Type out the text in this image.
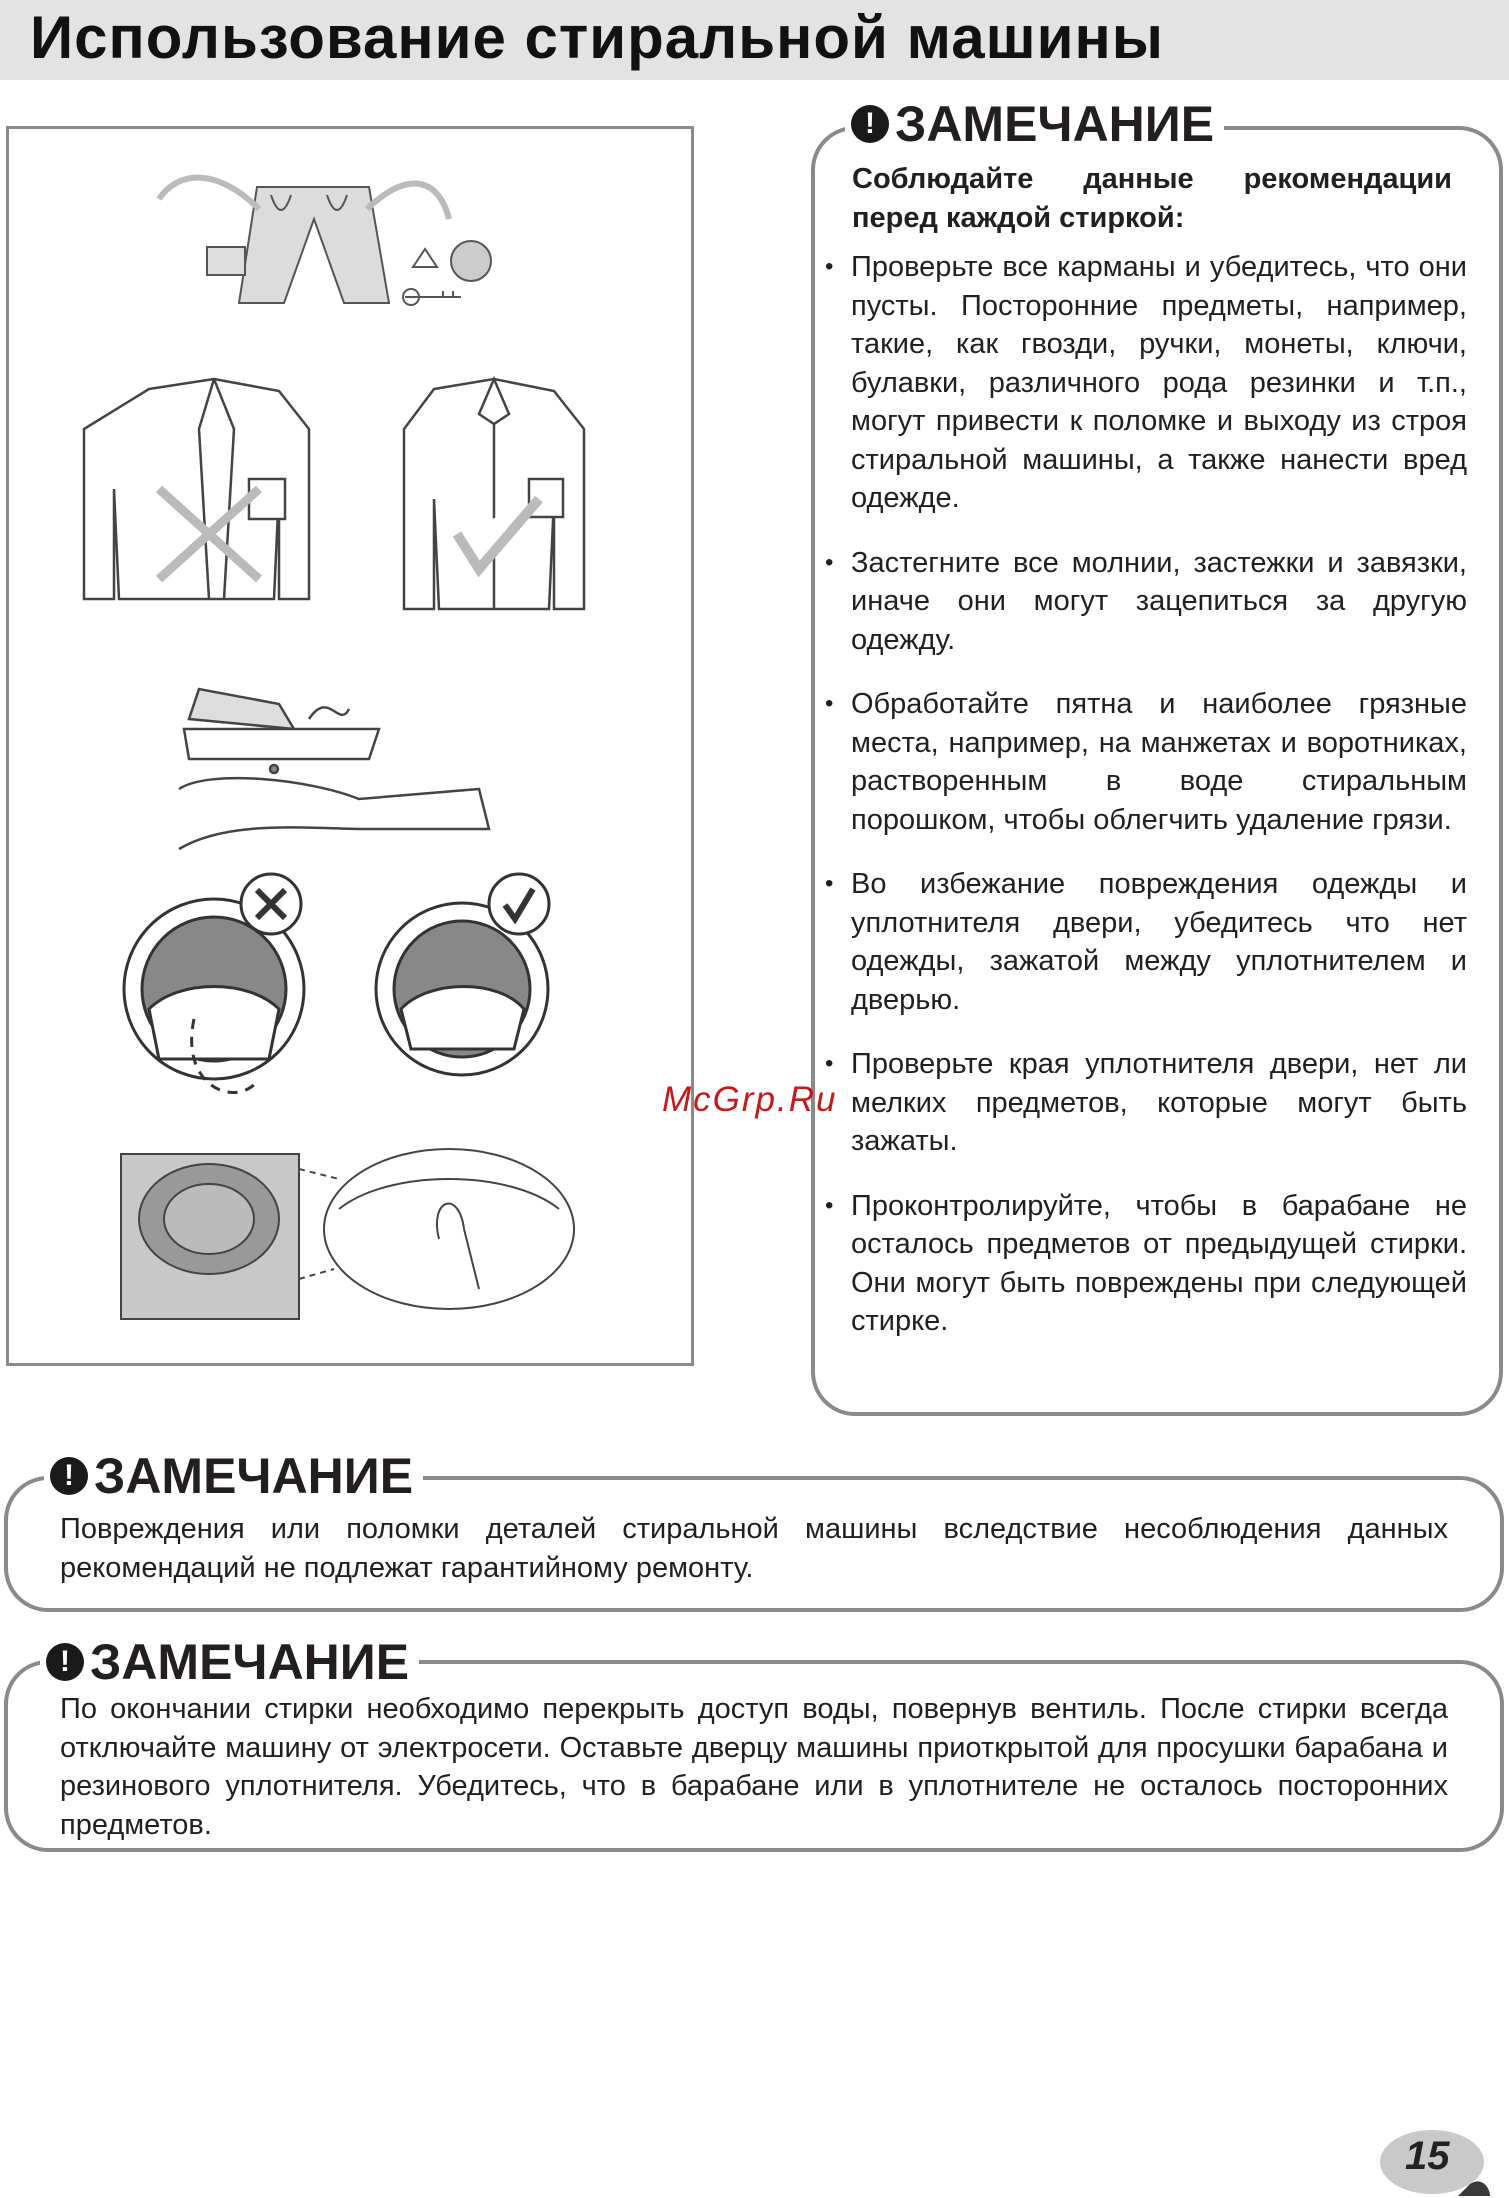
Использование стиральной машины
! ЗАМЕЧАНИЕ

Соблюдайте данные рекомендации перед каждой стиркой:

• Проверьте все карманы и убедитесь, что они пусты. Посторонние предметы, например, такие, как гвозди, ручки, монеты, ключи, булавки, различного рода резинки и т.п., могут привести к поломке и выходу из строя стиральной машины, а также нанести вред одежде.
• Застегните все молнии, застежки и завязки, иначе они могут зацепиться за другую одежду.
• Обработайте пятна и наиболее грязные места, например, на манжетах и воротниках, растворенным в воде стиральным порошком, чтобы облегчить удаление грязи.
• Во избежание повреждения одежды и уплотнителя двери, убедитесь что нет одежды, зажатой между уплотнителем и дверью.
• Проверьте края уплотнителя двери, нет ли мелких предметов, которые могут быть зажаты.
• Проконтролируйте, чтобы в барабане не осталось предметов от предыдущей стирки. Они могут быть повреждены при следующей стирке.
! ЗАМЕЧАНИЕ

Повреждения или поломки деталей стиральной машины вследствие несоблюдения данных рекомендаций не подлежат гарантийному ремонту.

! ЗАМЕЧАНИЕ

По окончании стирки необходимо перекрыть доступ воды, повернув вентиль. После стирки всегда отключайте машину от электросети. Оставьте дверцу машины приоткрытой для просушки барабана и резинового уплотнителя. Убедитесь, что в барабане или в уплотнителе не осталось посторонних предметов.

McGrp.Ru
15
